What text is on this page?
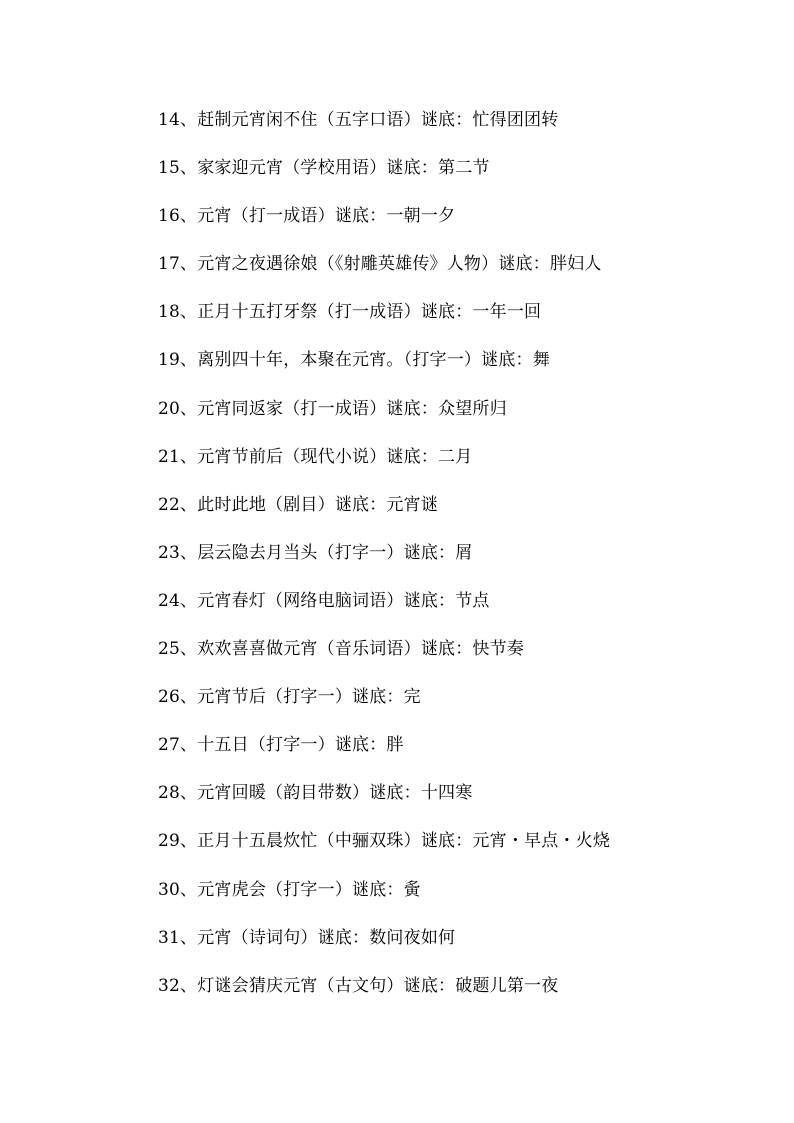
14、赶制元宵闲不住（五字口语）谜底：忙得团团转
15、家家迎元宵（学校用语）谜底：第二节
16、元宵（打一成语）谜底：一朝一夕
17、元宵之夜遇徐娘（《射雕英雄传》人物）谜底：胖妇人
18、正月十五打牙祭（打一成语）谜底：一年一回
19、离别四十年，本聚在元宵。（打字一）谜底：舞
20、元宵同返家（打一成语）谜底：众望所归
21、元宵节前后（现代小说）谜底：二月
22、此时此地（剧目）谜底：元宵谜
23、层云隐去月当头（打字一）谜底：屑
24、元宵春灯（网络电脑词语）谜底：节点
25、欢欢喜喜做元宵（音乐词语）谜底：快节奏
26、元宵节后（打字一）谜底：完
27、十五日（打字一）谜底：胖
28、元宵回暖（韵目带数）谜底：十四寒
29、正月十五晨炊忙（中骊双珠）谜底：元宵・早点・火烧
30、元宵虎会（打字一）谜底：夤
31、元宵（诗词句）谜底：数问夜如何
32、灯谜会猜庆元宵（古文句）谜底：破题儿第一夜
